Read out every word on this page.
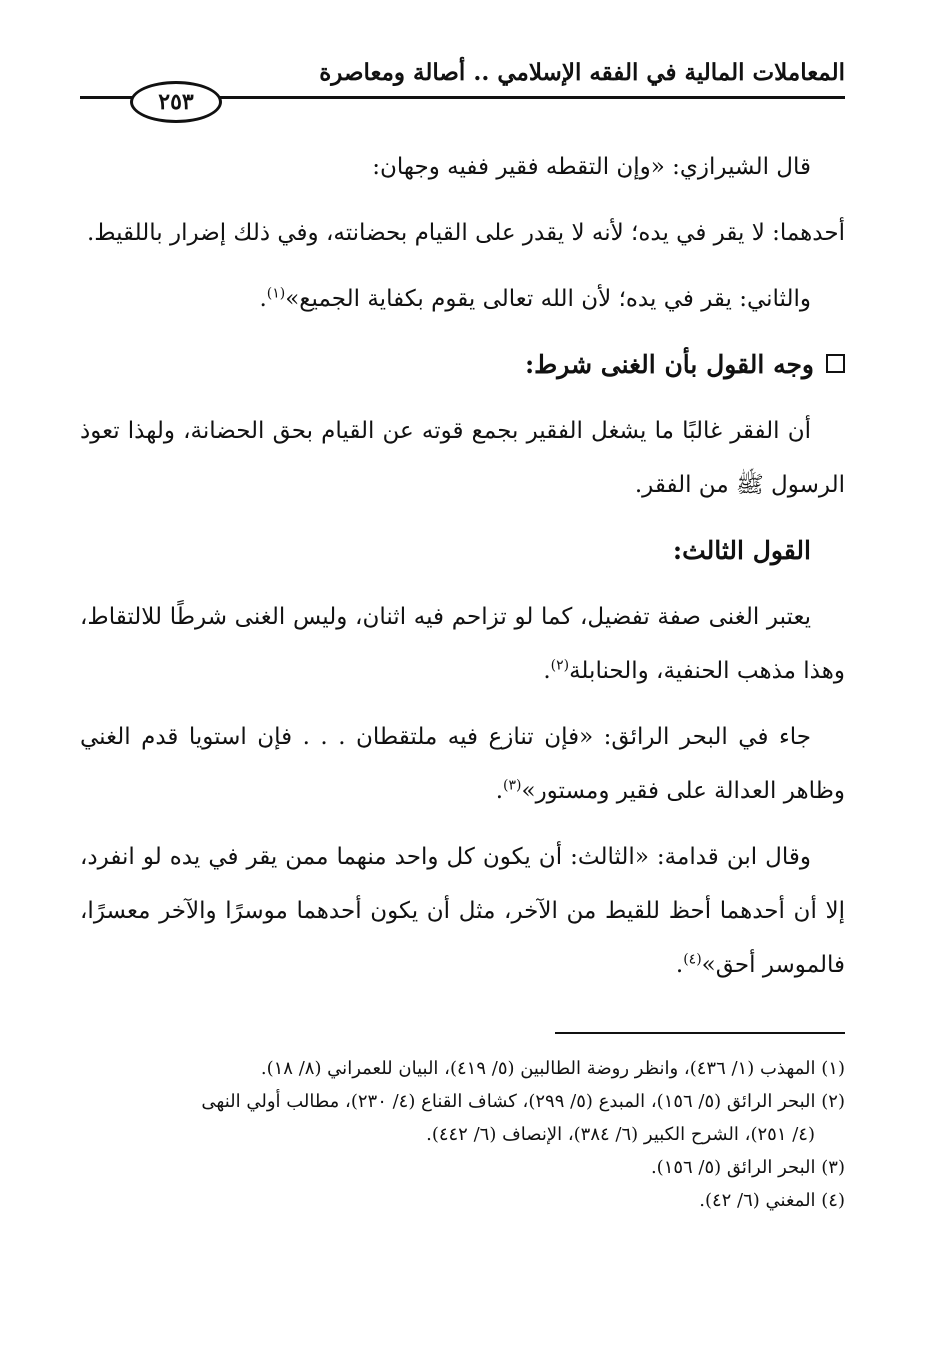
المعاملات المالية في الفقه الإسلامي .. أصالة ومعاصرة
٢٥٣

قال الشيرازي: «وإن التقطه فقير ففيه وجهان:

أحدهما: لا يقر في يده؛ لأنه لا يقدر على القيام بحضانته، وفي ذلك إضرار باللقيط.

والثاني: يقر في يده؛ لأن الله تعالى يقوم بكفاية الجميع»$^{(١)}$.

وجه القول بأن الغنى شرط:

أن الفقر غالبًا ما يشغل الفقير بجمع قوته عن القيام بحق الحضانة، ولهذا تعوذ الرسول ﷺ من الفقر.

القول الثالث:

يعتبر الغنى صفة تفضيل، كما لو تزاحم فيه اثنان، وليس الغنى شرطًا للالتقاط، وهذا مذهب الحنفية، والحنابلة$^{(٢)}$.

جاء في البحر الرائق: «فإن تنازع فيه ملتقطان . . . فإن استويا قدم الغني وظاهر العدالة على فقير ومستور»$^{(٣)}$.

وقال ابن قدامة: «الثالث: أن يكون كل واحد منهما ممن يقر في يده لو انفرد، إلا أن أحدهما أحظ للقيط من الآخر، مثل أن يكون أحدهما موسرًا والآخر معسرًا، فالموسر أحق»$^{(٤)}$.

(١) المهذب (١/ ٤٣٦)، وانظر روضة الطالبين (٥/ ٤١٩)، البيان للعمراني (٨/ ١٨).

(٢) البحر الرائق (٥/ ١٥٦)، المبدع (٥/ ٢٩٩)، كشاف القناع (٤/ ٢٣٠)، مطالب أولي النهى

(٤/ ٢٥١)، الشرح الكبير (٦/ ٣٨٤)، الإنصاف (٦/ ٤٤٢).

(٣) البحر الرائق (٥/ ١٥٦).

(٤) المغني (٦/ ٤٢).
